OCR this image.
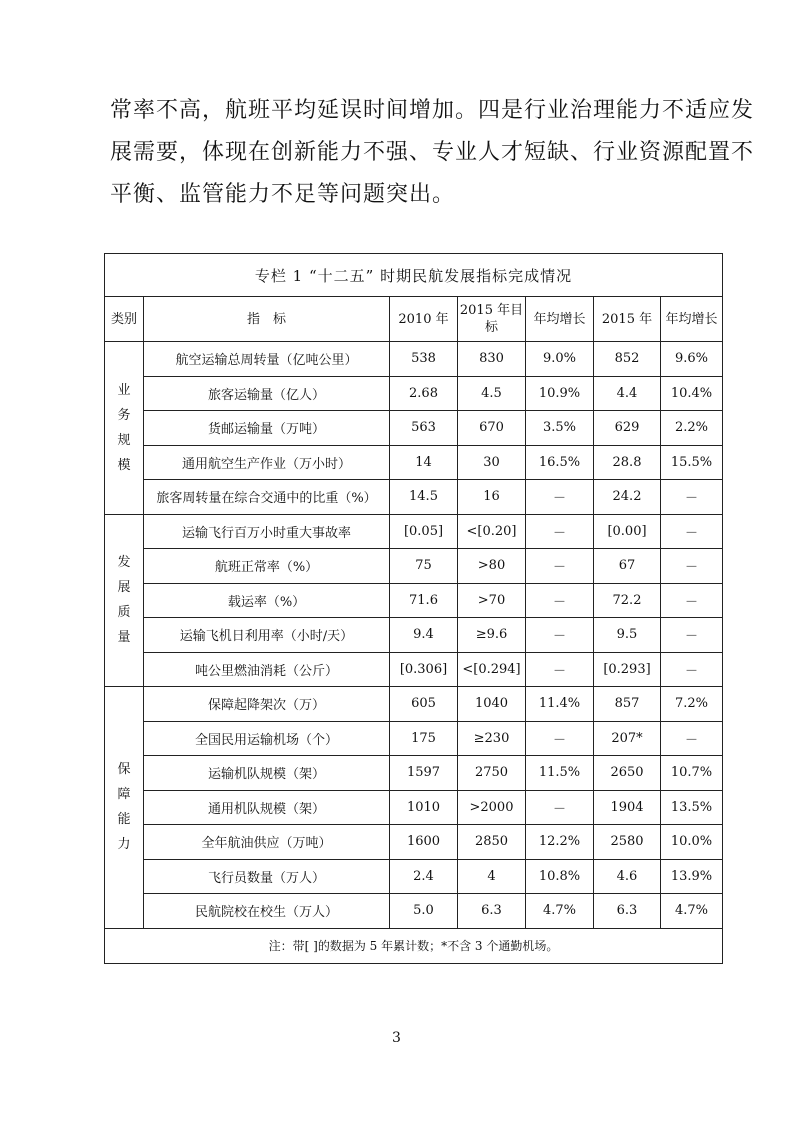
常率不高，航班平均延误时间增加。四是行业治理能力不适应发

展需要，体现在创新能力不强、专业人才短缺、行业资源配置不

平衡、监管能力不足等问题突出。

专栏 1 “十二五” 时期民航发展指标完成情况						
类别	指　标	2010 年	2015 年目标	年均增长	2015 年	年均增长

业
务
规
模	航空运输总周转量（亿吨公里）	538	830	9.0%	852	9.6%
	旅客运输量（亿人）	2.68	4.5	10.9%	4.4	10.4%
	货邮运输量（万吨）	563	670	3.5%	629	2.2%
	通用航空生产作业（万小时）	14	30	16.5%	28.8	15.5%
	旅客周转量在综合交通中的比重（%）	14.5	16	－	24.2	－

发
展
质
量	运输飞行百万小时重大事故率	[0.05]	<[0.20]	－	[0.00]	－
	航班正常率（%）	75	>80	－	67	－
	载运率（%）	71.6	>70	－	72.2	－
	运输飞机日利用率（小时/天）	9.4	≥9.6	－	9.5	－
	吨公里燃油消耗（公斤）	[0.306]	<[0.294]	－	[0.293]	－

保
障
能
力	保障起降架次（万）	605	1040	11.4%	857	7.2%
	全国民用运输机场（个）	175	≥230	－	207*	－
	运输机队规模（架）	1597	2750	11.5%	2650	10.7%
	通用机队规模（架）	1010	>2000	－	1904	13.5%
	全年航油供应（万吨）	1600	2850	12.2%	2580	10.0%
	飞行员数量（万人）	2.4	4	10.8%	4.6	13.9%
	民航院校在校生（万人）	5.0	6.3	4.7%	6.3	4.7%
注：带[ ]的数据为 5 年累计数；*不含 3 个通勤机场。						
3
